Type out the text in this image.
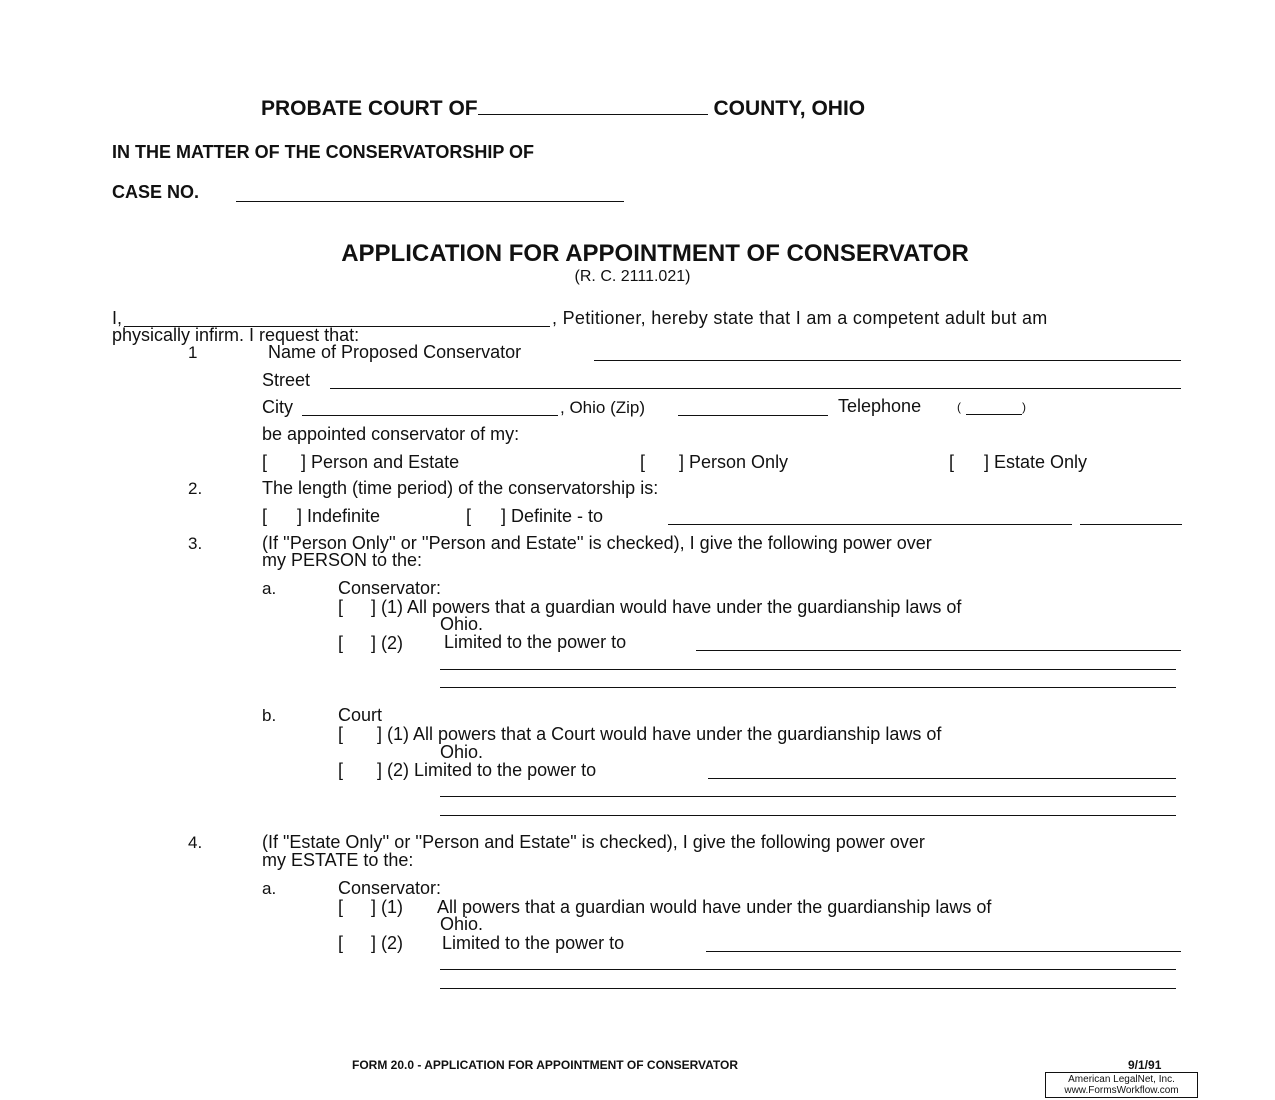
PROBATE COURT OF	COUNTY, OHIO
IN THE MATTER OF THE CONSERVATORSHIP OF
CASE NO.
APPLICATION FOR APPOINTMENT OF CONSERVATOR
(R. C. 2111.021)
I,	, Petitioner, hereby state that I am a competent adult but am
physically infirm. I request that:
1	Name of Proposed Conservator
Street
City	, Ohio (Zip)	Telephone	(	)
be appointed conservator of my:
[ ] Person and Estate	[ ] Person Only	[ ] Estate Only
2.	The length (time period) of the conservatorship is:
[ ] Indefinite	[ ] Definite - to
3.	(If ''Person Only'' or ''Person and Estate'' is checked), I give the following power over
my PERSON to the:
a.	Conservator:
[ ] (1) All powers that a guardian would have under the guardianship laws of
Ohio.
[ ] (2) Limited to the power to
b.	Court
[ ] (1) All powers that a Court would have under the guardianship laws of
Ohio.
[ ] (2) Limited to the power to
4.	(If "Estate Only'' or ''Person and Estate" is checked), I give the following power over
my ESTATE to the:
a.	Conservator:
[ ] (1) All powers that a guardian would have under the guardianship laws of
Ohio.
[ ] (2) Limited to the power to
FORM 20.0 - APPLICATION FOR APPOINTMENT OF CONSERVATOR	9/1/91
American LegalNet, Inc.
www.FormsWorkflow.com
